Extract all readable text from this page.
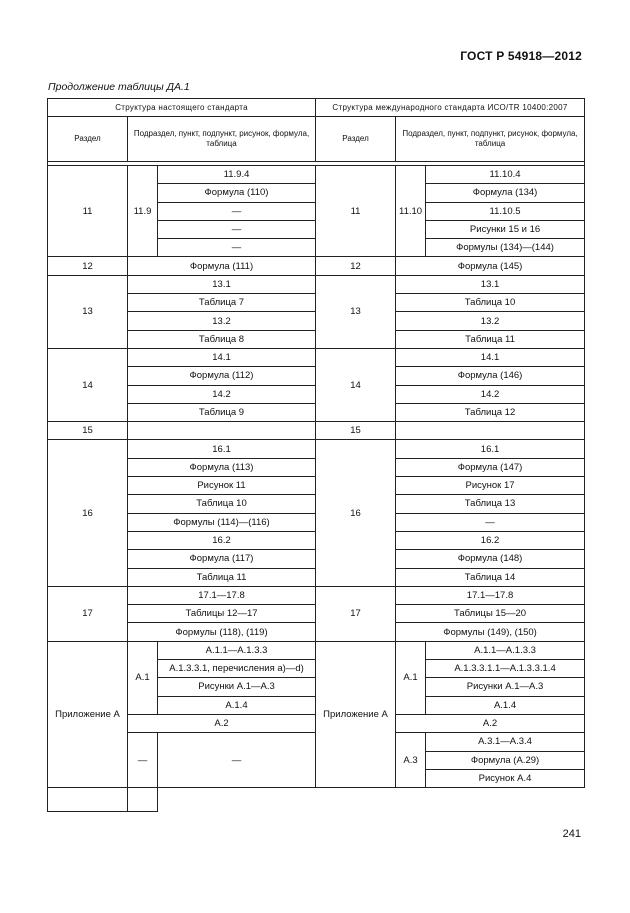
ГОСТ Р 54918—2012
Продолжение таблицы ДА.1
Структура настоящего стандарта			Структура международного стандарта ИСО/TR 10400:2007		
Раздел	Подраздел, пункт, подпункт, рисунок, формула, таблица		Раздел	Подраздел, пункт, подпункт, рисунок, формула, таблица	

11	11.9	11.9.4	11	11.10	11.10.4
		Формула (110)			Формула (134)
		—			11.10.5
		—			Рисунки 15 и 16
		—			Формулы (134)—(144)
12	Формула (111)		12	Формула (145)	
13	13.1		13	13.1	
	Таблица 7			Таблица 10	
	13.2			13.2	
	Таблица 8			Таблица 11	
14	14.1		14	14.1	
	Формула (112)			Формула (146)	
	14.2			14.2	
	Таблица 9			Таблица 12	
15			15		
16	16.1		16	16.1	
	Формула (113)			Формула (147)	
	Рисунок 11			Рисунок 17	
	Таблица 10			Таблица 13	
	Формулы (114)—(116)			—	
	16.2			16.2	
	Формула (117)			Формула (148)	
	Таблица 11			Таблица 14	
17	17.1—17.8		17	17.1—17.8	
	Таблицы 12—17			Таблицы 15—20	
	Формулы (118), (119)			Формулы (149), (150)	
Приложение А	А.1	А.1.1—А.1.3.3	Приложение А	А.1	А.1.1—А.1.3.3
		А.1.3.3.1, перечисления а)—d)			А.1.3.3.1.1—А.1.3.3.1.4
		Рисунки А.1—А.3			Рисунки А.1—А.3
		А.1.4			А.1.4
	А.2			А.2	
	—	—		А.3	А.3.1—А.3.4
					Формула (А.29)
					Рисунок А.4

241
